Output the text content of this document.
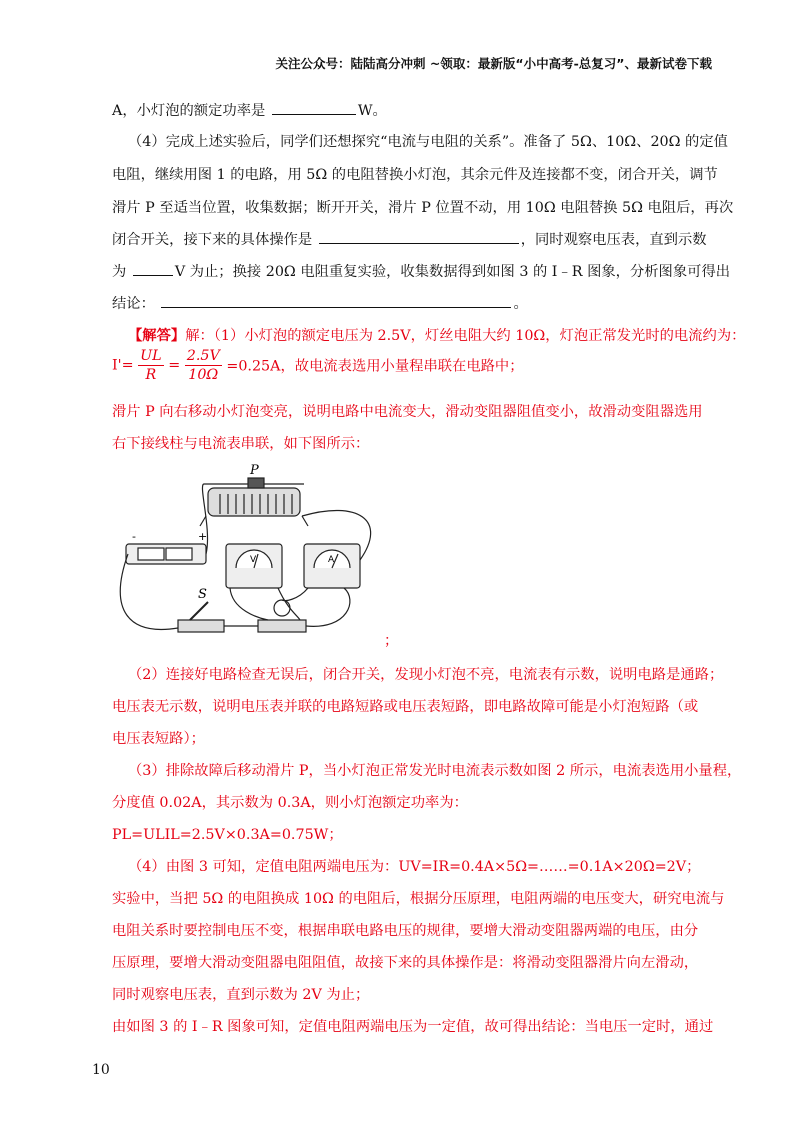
关注公众号：陆陆高分冲刺 ~领取：最新版“小中高考-总复习”、最新试卷下载
A，小灯泡的额定功率是	W。
（4）完成上述实验后，同学们还想探究“电流与电阻的关系”。准备了 5Ω、10Ω、20Ω 的定值
电阻，继续用图 1 的电路，用 5Ω 的电阻替换小灯泡，其余元件及连接都不变，闭合开关，调节
滑片 P 至适当位置，收集数据；断开开关，滑片 P 位置不动，用 10Ω 电阻替换 5Ω 电阻后，再次
闭合开关，接下来的具体操作是	，同时观察电压表，直到示数
为	V 为止；换接 20Ω 电阻重复实验，收集数据得到如图 3 的 I﹣R 图象，分析图象可得出
结论：	。
【解答】解：（1）小灯泡的额定电压为 2.5V，灯丝电阻大约 10Ω，灯泡正常发光时的电流约为：
$I'= \frac{UL}{R} = \frac{2.5V}{10\Omega} =0.25A$，故电流表选用小量程串联在电路中；
滑片 P 向右移动小灯泡变亮，说明电路中电流变大，滑动变阻器阻值变小，故滑动变阻器选用
右下接线柱与电流表串联，如下图所示：
P
S
V	A
-	+
；
（2）连接好电路检查无误后，闭合开关，发现小灯泡不亮，电流表有示数，说明电路是通路；
电压表无示数，说明电压表并联的电路短路或电压表短路，即电路故障可能是小灯泡短路（或
电压表短路）；
（3）排除故障后移动滑片 P，当小灯泡正常发光时电流表示数如图 2 所示，电流表选用小量程，
分度值 0.02A，其示数为 0.3A，则小灯泡额定功率为：
PL=ULIL=2.5V×0.3A=0.75W；
（4）由图 3 可知，定值电阻两端电压为：UV=IR=0.4A×5Ω=……=0.1A×20Ω=2V；
实验中，当把 5Ω 的电阻换成 10Ω 的电阻后，根据分压原理，电阻两端的电压变大，研究电流与
电阻关系时要控制电压不变，根据串联电路电压的规律，要增大滑动变阻器两端的电压，由分
压原理，要增大滑动变阻器电阻阻值，故接下来的具体操作是：将滑动变阻器滑片向左滑动，
同时观察电压表，直到示数为 2V 为止；
由如图 3 的 I﹣R 图象可知，定值电阻两端电压为一定值，故可得出结论：当电压一定时，通过
10
